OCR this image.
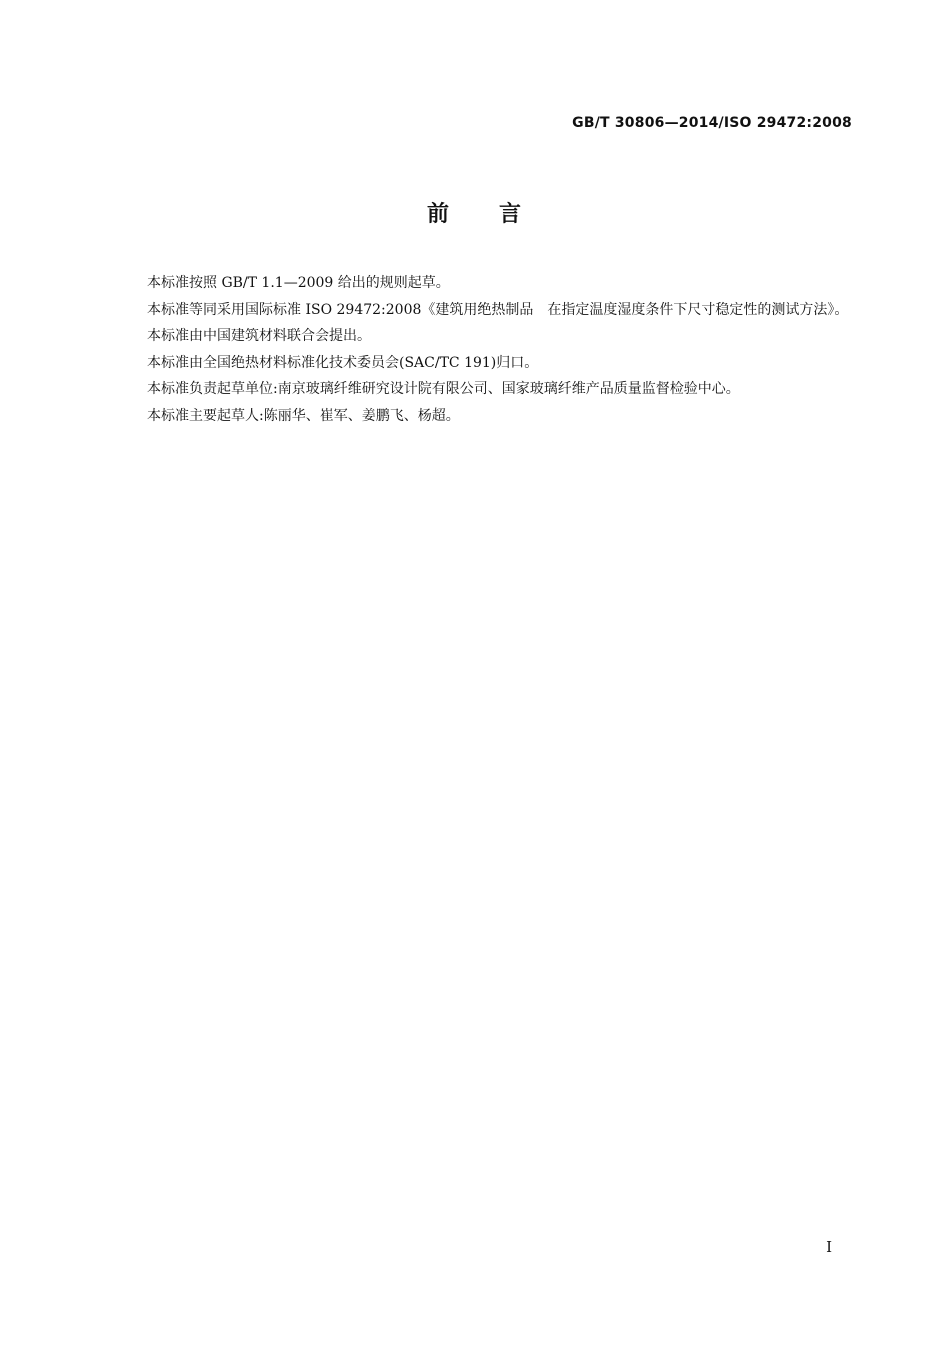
GB/T 30806—2014/ISO 29472:2008
前　　言

本标准按照 GB/T 1.1—2009 给出的规则起草。

本标准等同采用国际标准 ISO 29472:2008《建筑用绝热制品　在指定温度湿度条件下尺寸稳定性的测试方法》。

本标准由中国建筑材料联合会提出。

本标准由全国绝热材料标准化技术委员会(SAC/TC 191)归口。

本标准负责起草单位:南京玻璃纤维研究设计院有限公司、国家玻璃纤维产品质量监督检验中心。

本标准主要起草人:陈丽华、崔军、姜鹏飞、杨超。

I
